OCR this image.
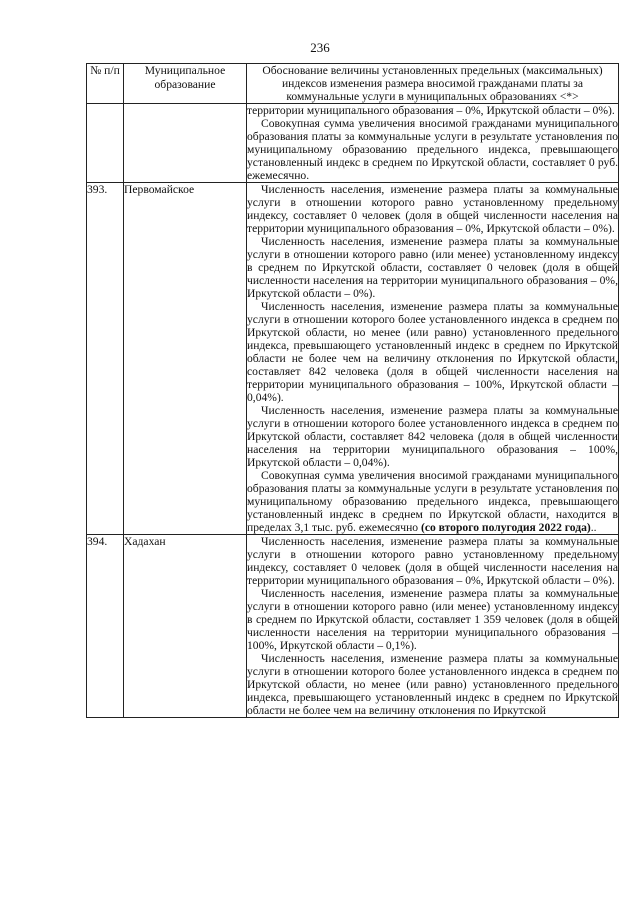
236
№ п/п	Муниципальное образование	Обоснование величины установленных предельных (максимальных) индексов изменения размера вносимой гражданами платы за коммунальные услуги в муниципальных образованиях <*>

		территории муниципального образования – 0%, Иркутской области – 0%).

Совокупная сумма увеличения вносимой гражданами муниципального образования платы за коммунальные услуги в результате установления по муниципальному образованию предельного индекса, превышающего установленный индекс в среднем по Иркутской области, составляет 0 руб. ежемесячно.

393.	Первомайское	Численность населения, изменение размера платы за коммунальные услуги в отношении которого равно установленному предельному индексу, составляет 0 человек (доля в общей численности населения на территории муниципального образования – 0%, Иркутской области – 0%).

Численность населения, изменение размера платы за коммунальные услуги в отношении которого равно (или менее) установленному индексу в среднем по Иркутской области, составляет 0 человек (доля в общей численности населения на территории муниципального образования – 0%, Иркутской области – 0%).

Численность населения, изменение размера платы за коммунальные услуги в отношении которого более установленного индекса в среднем по Иркутской области, но менее (или равно) установленного предельного индекса, превышающего установленный индекс в среднем по Иркутской области не более чем на величину отклонения по Иркутской области, составляет 842 человека (доля в общей численности населения на территории муниципального образования – 100%, Иркутской области – 0,04%).

Численность населения, изменение размера платы за коммунальные услуги в отношении которого более установленного индекса в среднем по Иркутской области, составляет 842 человека (доля в общей численности населения на территории муниципального образования – 100%, Иркутской области – 0,04%).

Совокупная сумма увеличения вносимой гражданами муниципального образования платы за коммунальные услуги в результате установления по муниципальному образованию предельного индекса, превышающего установленный индекс в среднем по Иркутской области, находится в пределах 3,1 тыс. руб. ежемесячно (со второго полугодия 2022 года)..

394.	Хадахан	Численность населения, изменение размера платы за коммунальные услуги в отношении которого равно установленному предельному индексу, составляет 0 человек (доля в общей численности населения на территории муниципального образования – 0%, Иркутской области – 0%).

Численность населения, изменение размера платы за коммунальные услуги в отношении которого равно (или менее) установленному индексу в среднем по Иркутской области, составляет 1 359 человек (доля в общей численности населения на территории муниципального образования – 100%, Иркутской области – 0,1%).

Численность населения, изменение размера платы за коммунальные услуги в отношении которого более установленного индекса в среднем по Иркутской области, но менее (или равно) установленного предельного индекса, превышающего установленный индекс в среднем по Иркутской области не более чем на величину отклонения по Иркутской
